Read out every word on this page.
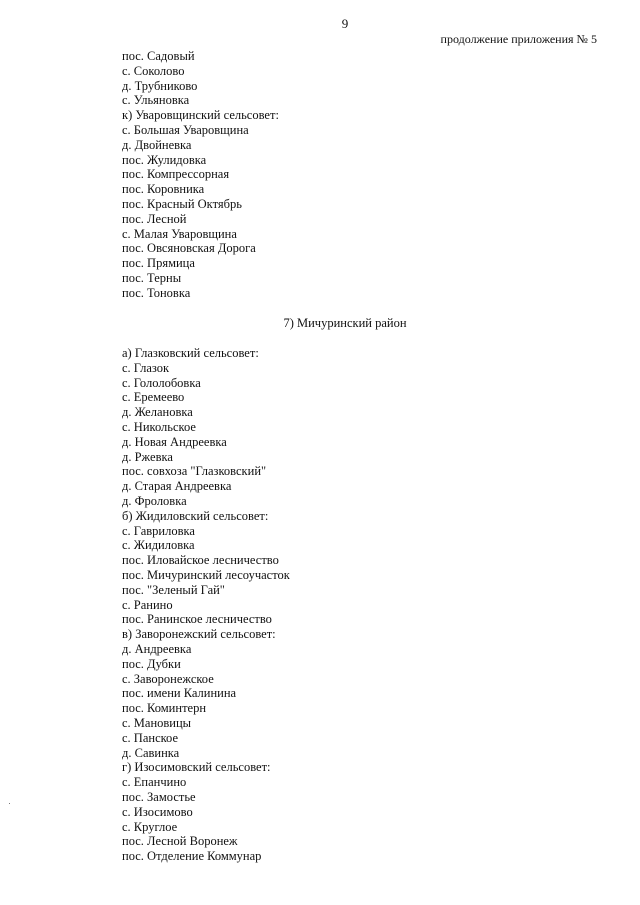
9
продолжение приложения № 5
пос. Садовый
с. Соколово
д. Трубниково
с. Ульяновка
к) Уваровщинский сельсовет:
с. Большая Уваровщина
д. Двойневка
пос. Жулидовка
пос. Компрессорная
пос. Коровника
пос. Красный Октябрь
пос. Лесной
с. Малая Уваровщина
пос. Овсяновская Дорога
пос. Прямица
пос. Терны
пос. Тоновка
7) Мичуринский район
а) Глазковский сельсовет:
с. Глазок
с. Гололобовка
с. Еремеево
д. Желановка
с. Никольское
д. Новая Андреевка
д. Ржевка
пос. совхоза "Глазковский"
д. Старая Андреевка
д. Фроловка
б) Жидиловский сельсовет:
с. Гавриловка
с. Жидиловка
пос. Иловайское лесничество
пос. Мичуринский лесоучасток
пос. "Зеленый Гай"
с. Ранино
пос. Ранинское лесничество
в) Заворонежский сельсовет:
д. Андреевка
пос. Дубки
с. Заворонежское
пос. имени Калинина
пос. Коминтерн
с. Мановицы
с. Панское
д. Савинка
г) Изосимовский сельсовет:
с. Епанчино
пос. Замостье
с. Изосимово
с. Круглое
пос. Лесной Воронеж
пос. Отделение Коммунар
